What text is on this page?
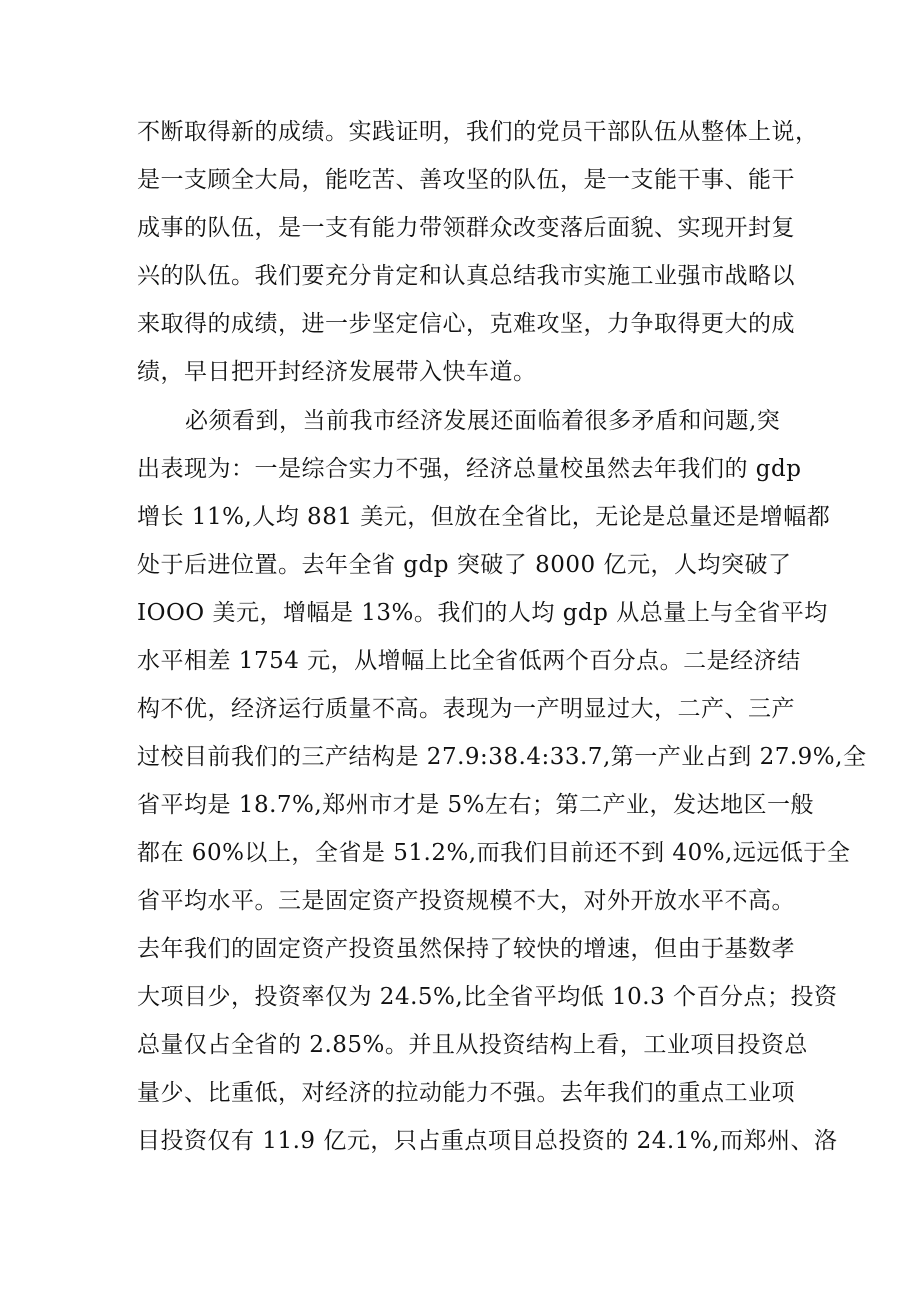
不断取得新的成绩。实践证明，我们的党员干部队伍从整体上说，
是一支顾全大局，能吃苦、善攻坚的队伍，是一支能干事、能干
成事的队伍，是一支有能力带领群众改变落后面貌、实现开封复
兴的队伍。我们要充分肯定和认真总结我市实施工业强市战略以
来取得的成绩，进一步坚定信心，克难攻坚，力争取得更大的成
绩，早日把开封经济发展带入快车道。
必须看到，当前我市经济发展还面临着很多矛盾和问题,突
出表现为：一是综合实力不强，经济总量校虽然去年我们的 gdp
增长 11%,人均 881 美元，但放在全省比，无论是总量还是增幅都
处于后进位置。去年全省 gdp 突破了 8000 亿元，人均突破了
IOOO 美元，增幅是 13%。我们的人均 gdp 从总量上与全省平均
水平相差 1754 元，从增幅上比全省低两个百分点。二是经济结
构不优，经济运行质量不高。表现为一产明显过大，二产、三产
过校目前我们的三产结构是 27.9:38.4:33.7,第一产业占到 27.9%,全
省平均是 18.7%,郑州市才是 5%左右；第二产业，发达地区一般
都在 60%以上，全省是 51.2%,而我们目前还不到 40%,远远低于全
省平均水平。三是固定资产投资规模不大，对外开放水平不高。
去年我们的固定资产投资虽然保持了较快的增速，但由于基数孝
大项目少，投资率仅为 24.5%,比全省平均低 10.3 个百分点；投资
总量仅占全省的 2.85%。并且从投资结构上看，工业项目投资总
量少、比重低，对经济的拉动能力不强。去年我们的重点工业项
目投资仅有 11.9 亿元，只占重点项目总投资的 24.1%,而郑州、洛
